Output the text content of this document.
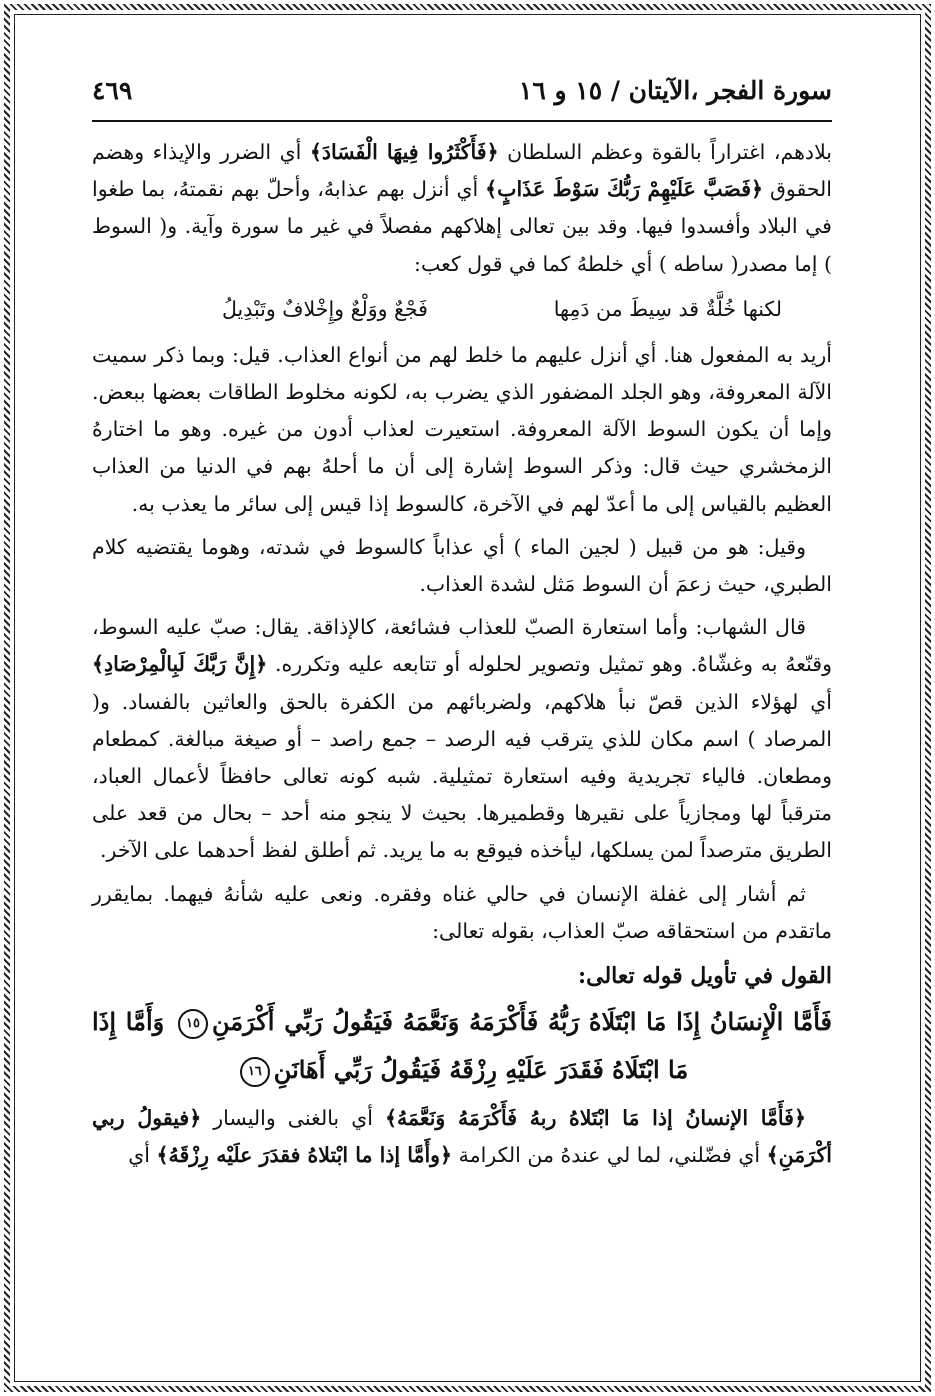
سورة الفجر ،الآيتان / ١٥ و ١٦
٤٦٩

بلادهم، اغتراراً بالقوة وعظم السلطان ﴿فَأَكْثَرُوا فِيهَا الْفَسَادَ﴾ أي الضرر والإيذاء وهضم الحقوق ﴿فَصَبَّ عَلَيْهِمْ رَبُّكَ سَوْطَ عَذَابٍ﴾ أي أنزل بهم عذابهُ، وأحلّ بهم نقمتهُ، بما طغوا في البلاد وأفسدوا فيها. وقد بين تعالى إهلاكهم مفصلاً في غير ما سورة وآية. و( السوط ) إما مصدر( ساطه ) أي خلطهُ كما في قول كعب:

لكنها خُلَّةٌ قد سِيطَ من دَمِها
فَجْعٌ ووَلْعٌ وإِخْلافٌ وتَبْدِيلُ

أريد به المفعول هنا. أي أنزل عليهم ما خلط لهم من أنواع العذاب. قيل: وبما ذكر سميت الآلة المعروفة، وهو الجلد المضفور الذي يضرب به، لكونه مخلوط الطاقات بعضها ببعض. وإما أن يكون السوط الآلة المعروفة. استعيرت لعذاب أدون من غيره. وهو ما اختارهُ الزمخشري حيث قال: وذكر السوط إشارة إلى أن ما أحلهُ بهم في الدنيا من العذاب العظيم بالقياس إلى ما أعدّ لهم في الآخرة، كالسوط إذا قيس إلى سائر ما يعذب به.

وقيل: هو من قبيل ( لجين الماء ) أي عذاباً كالسوط في شدته، وهوما يقتضيه كلام الطبري، حيث زعمَ أن السوط مَثل لشدة العذاب.

قال الشهاب: وأما استعارة الصبّ للعذاب فشائعة، كالإذاقة. يقال: صبّ عليه السوط، وقنّعهُ به وغشّاهُ. وهو تمثيل وتصوير لحلوله أو تتابعه عليه وتكرره. ﴿إِنَّ رَبَّكَ لَبِالْمِرْصَادِ﴾ أي لهؤلاء الذين قصّ نبأ هلاكهم، ولضربائهم من الكفرة بالحق والعاثين بالفساد. و( المرصاد ) اسم مكان للذي يترقب فيه الرصد – جمع راصد – أو صيغة مبالغة. كمطعام ومطعان. فالياء تجريدية وفيه استعارة تمثيلية. شبه كونه تعالى حافظاً لأعمال العباد، مترقباً لها ومجازياً على نقيرها وقطميرها. بحيث لا ينجو منه أحد – بحال من قعد على الطريق مترصداً لمن يسلكها، ليأخذه فيوقع به ما يريد. ثم أطلق لفظ أحدهما على الآخر.

ثم أشار إلى غفلة الإنسان في حالي غناه وفقره. ونعى عليه شأنهُ فيهما. بمايقرر ماتقدم من استحقاقه صبّ العذاب، بقوله تعالى:

القول في تأويل قوله تعالى:
فَأَمَّا الْإِنسَانُ إِذَا مَا ابْتَلَاهُ رَبُّهُ فَأَكْرَمَهُ وَنَعَّمَهُ فَيَقُولُ رَبِّي أَكْرَمَنِ١٥ وَأَمَّا إِذَا مَا ابْتَلَاهُ فَقَدَرَ عَلَيْهِ رِزْقَهُ فَيَقُولُ رَبِّي أَهَانَنِ١٦

﴿فَأَمَّا الإنسانُ إذا مَا ابْتَلاهُ ربهُ فَأَكْرَمَهُ وَنَعَّمَهُ﴾ أي بالغنى واليسار ﴿فيقولُ ربي أكْرَمَنِ﴾ أي فضّلني، لما لي عندهُ من الكرامة ﴿وأَمَّا إذا ما ابْتلاهُ فقدَرَ علَيْه رِزْقَهُ﴾ أي
